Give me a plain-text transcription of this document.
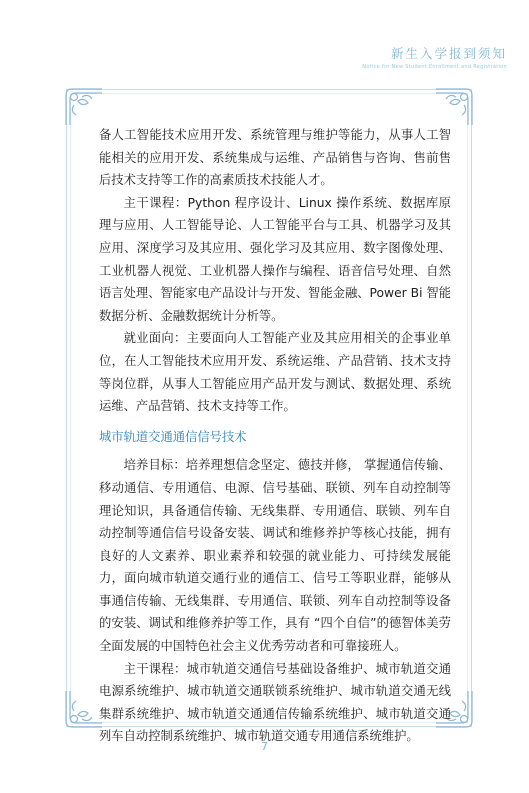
新生入学报到须知
Notice for New Student Enrollment and Registration

备人工智能技术应用开发、系统管理与维护等能力，从事人工智能相关的应用开发、系统集成与运维、产品销售与咨询、售前售后技术支持等工作的高素质技术技能人才。

主干课程：Python 程序设计、Linux 操作系统、数据库原理与应用、人工智能导论、人工智能平台与工具、机器学习及其应用、深度学习及其应用、强化学习及其应用、数字图像处理、工业机器人视觉、工业机器人操作与编程、语音信号处理、自然语言处理、智能家电产品设计与开发、智能金融、Power Bi 智能数据分析、金融数据统计分析等。

就业面向：主要面向人工智能产业及其应用相关的企事业单位，在人工智能技术应用开发、系统运维、产品营销、技术支持等岗位群，从事人工智能应用产品开发与测试、数据处理、系统运维、产品营销、技术支持等工作。

城市轨道交通通信信号技术

培养目标：培养理想信念坚定、德技并修， 掌握通信传输、移动通信、专用通信、电源、信号基础、联锁、列车自动控制等理论知识，具备通信传输、无线集群、专用通信、联锁、列车自动控制等通信信号设备安装、调试和维修养护等核心技能，拥有良好的人文素养、职业素养和较强的就业能力、可持续发展能力，面向城市轨道交通行业的通信工、信号工等职业群，能够从事通信传输、无线集群、专用通信、联锁、列车自动控制等设备的安装、调试和维修养护等工作，具有 “四个自信”的德智体美劳全面发展的中国特色社会主义优秀劳动者和可靠接班人。

主干课程：城市轨道交通信号基础设备维护、城市轨道交通电源系统维护、城市轨道交通联锁系统维护、城市轨道交通无线集群系统维护、城市轨道交通通信传输系统维护、城市轨道交通列车自动控制系统维护、城市轨道交通专用通信系统维护。

7
